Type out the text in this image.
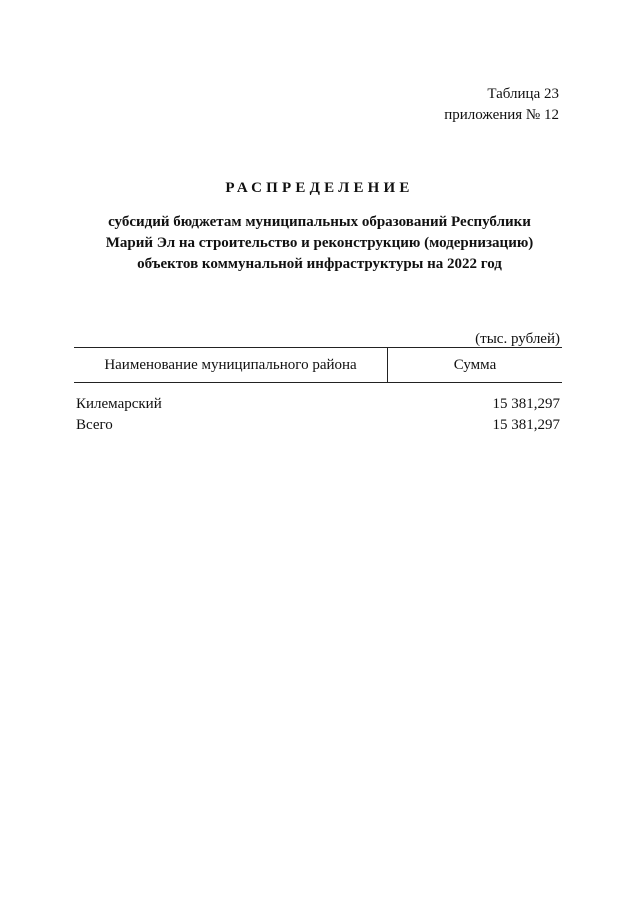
Таблица 23
приложения № 12
РАСПРЕДЕЛЕНИЕ
субсидий бюджетам муниципальных образований Республики
Марий Эл на строительство и реконструкцию (модернизацию)
объектов коммунальной инфраструктуры на 2022 год
(тыс. рублей)
Наименование муниципального района	Сумма
Килемарский	15 381,297
Всего	15 381,297
